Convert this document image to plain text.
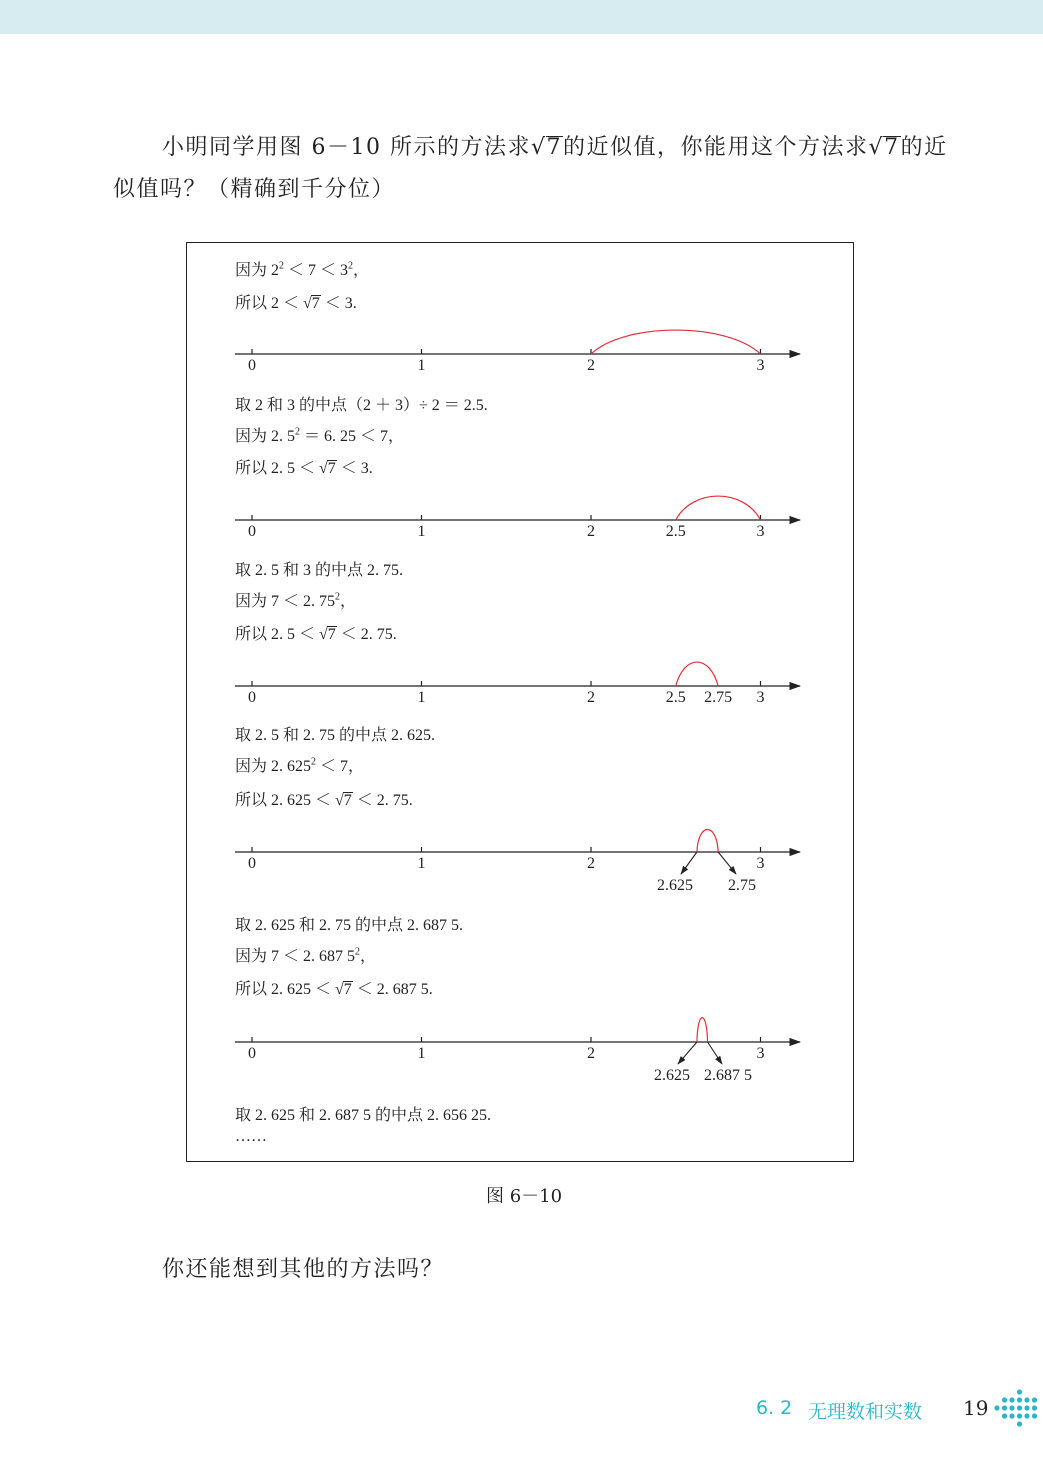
小明同学用图 6－10 所示的方法求√7的近似值，你能用这个方法求√7的近

似值吗？（精确到千分位）

因为 $2^2 < 7 < 3^2$，
所以 2 ＜ √7 ＜ 3.
取 2 和 3 的中点（2 ＋ 3）÷ 2 ＝ 2.5.
因为 2. $5^2 = 6$. 25 ＜ 7，
所以 2. 5 ＜ √7 ＜ 3.
取 2. 5 和 3 的中点 2. 75.
因为 7 ＜ 2. $75^2$，
所以 2. 5 ＜ √7 ＜ 2. 75.
取 2. 5 和 2. 75 的中点 2. 625.
因为 2. $625^2 < 7$，
所以 2. 625 ＜ √7 ＜ 2. 75.
取 2. 625 和 2. 75 的中点 2. 687 5.
因为 7 ＜ 2. 687 $5^2$，
所以 2. 625 ＜ √7 ＜ 2. 687 5.
取 2. 625 和 2. 687 5 的中点 2. 656 25.
……
0	1	2	3
0	1	2	3
2.5
0	1	2	3
2.5 2.75
0	1	2	3
2.625 2.75
0	1	2	3
2.625 2.687 5
图 6－10

你还能想到其他的方法吗？

6. 2 无理数和实数 19
